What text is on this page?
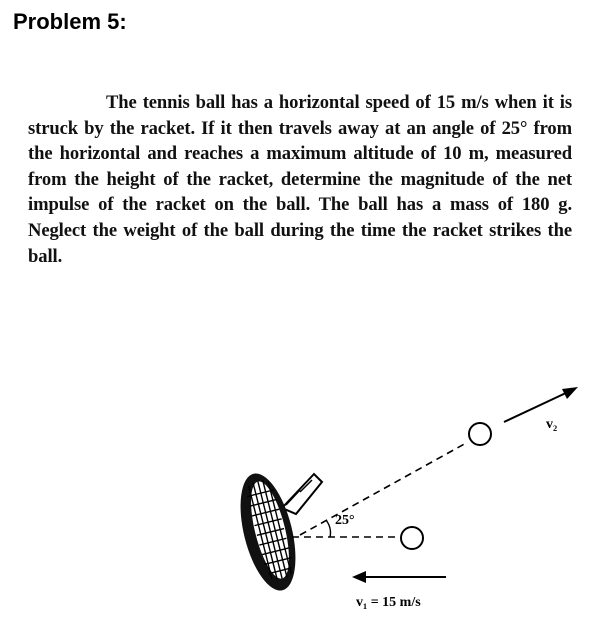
Problem 5:

The tennis ball has a horizontal speed of 15 m/s when it is struck by the racket. If it then travels away at an angle of 25° from the horizontal and reaches a maximum altitude of 10 m, measured from the height of the racket, determine the magnitude of the net impulse of the racket on the ball. The ball has a mass of 180 g. Neglect the weight of the ball during the time the racket strikes the ball.

25°
v₂
v₁ = 15 m/s
